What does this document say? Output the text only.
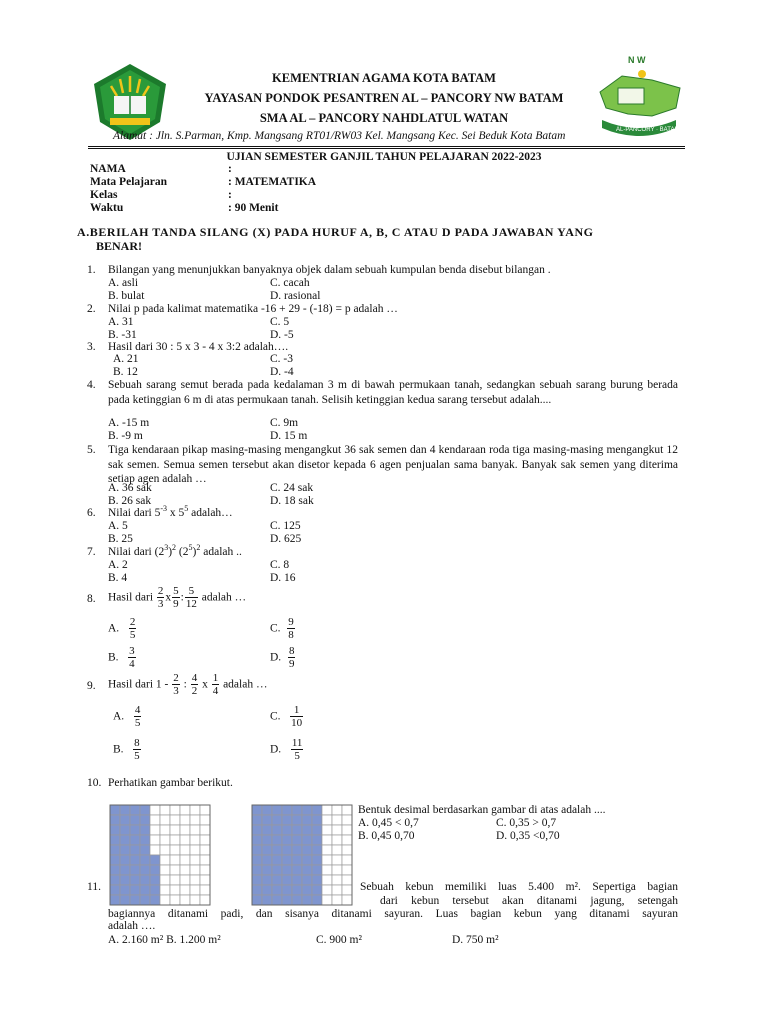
N W
AL-PANCORY · BATAM
KEMENTRIAN AGAMA KOTA BATAM
YAYASAN PONDOK PESANTREN AL – PANCORY NW BATAM
SMA AL – PANCORY NAHDLATUL WATAN
Alamat : Jln. S.Parman, Kmp. Mangsang RT01/RW03 Kel. Mangsang Kec. Sei Beduk Kota Batam
UJIAN SEMESTER GANJIL TAHUN PELAJARAN 2022-2023
NAMA	:
Mata Pelajaran	: MATEMATIKA
Kelas	:
Waktu	: 90 Menit
A.BERILAH TANDA SILANG (X) PADA HURUF A, B, C ATAU D PADA JAWABAN YANG
BENAR!
1. Bilangan yang menunjukkan banyaknya objek dalam sebuah kumpulan benda disebut bilangan .
A. asli	C. cacah
B. bulat	D. rasional
2. Nilai p pada kalimat matematika -16 + 29 - (-18) = p adalah …
A. 31	C. 5
B. -31	D. -5
3. Hasil dari 30 : 5 x 3 - 4 x 3:2 adalah….
A. 21	C. -3
B. 12	D. -4
4. Sebuah sarang semut berada pada kedalaman 3 m di bawah permukaan tanah, sedangkan sebuah sarang burung berada pada ketinggian 6 m di atas permukaan tanah. Selisih ketinggian kedua sarang tersebut adalah....
A. -15 m	C. 9m
B. -9 m	D. 15 m
5. Tiga kendaraan pikap masing-masing mengangkut 36 sak semen dan 4 kendaraan roda tiga masing-masing mengangkut 12 sak semen. Semua semen tersebut akan disetor kepada 6 agen penjualan sama banyak. Banyak sak semen yang diterima setiap agen adalah …
A. 36 sak	C. 24 sak
B. 26 sak	D. 18 sak
6. Nilai dari $5^{-3}$ x $5^5$ adalah…
A. 5	C. 125
B. 25	D. 625
7. Nilai dari $(2^3)^2$ $(2^5)^2$ adalah ..
A. 2	C. 8
B. 4	D. 16
8. Hasil dari $\frac{2}{3}$ x $\frac{5}{9}$ : $\frac{5}{12}$ adalah …
A. $\frac{2}{5}$	C. $\frac{9}{8}$
B. $\frac{3}{4}$	D. $\frac{8}{9}$
9. Hasil dari $1 - \frac{2}{3}$ : $\frac{4}{2}$ x $\frac{1}{4}$ adalah …
A. $\frac{4}{5}$	C. $\frac{1}{10}$
B. $\frac{8}{5}$	D. $\frac{11}{5}$
10. Perhatikan gambar berikut.
Bentuk desimal berdasarkan gambar di atas adalah ....
A. 0,45 < 0,7	C. 0,35 > 0,7
B. 0,45 0,70	D. 0,35 <0,70
11.	Sebuah kebun memiliki luas 5.400 m². Sepertiga bagian
dari kebun tersebut akan ditanami jagung, setengah
bagiannya ditanami padi, dan sisanya ditanami sayuran. Luas bagian kebun yang ditanami sayuran
adalah ….
A. 2.160 m² B. 1.200 m²	C. 900 m²	D. 750 m²
